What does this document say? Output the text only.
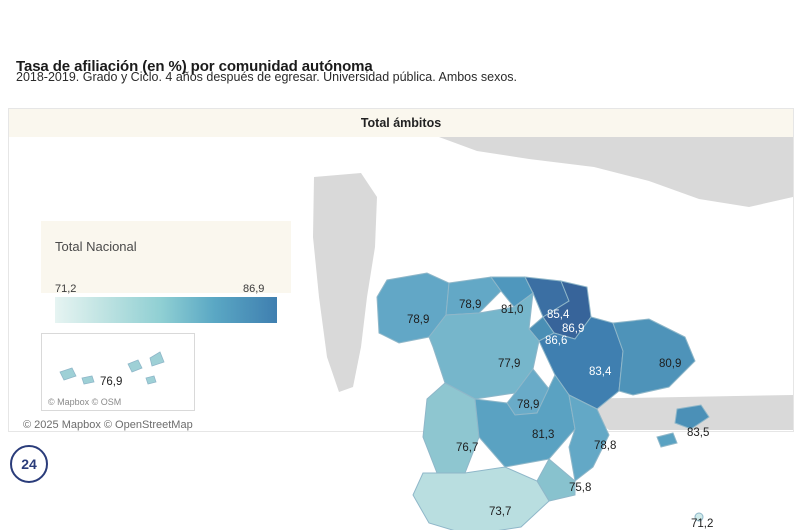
Tasa de afiliación (en %) por comunidad autónoma
2018-2019. Grado y Ciclo. 4 años después de egresar. Universidad pública. Ambos sexos.
Total ámbitos
Total Nacional
71,2	86,9
76,9
© Mapbox © OSM
© 2025 Mapbox © OpenStreetMap
78,9
78,9 81,0 85,4
86,9
86,6
80,9
77,9
83,4
78,9
76,7
81,3
78,8
83,5
75,8
73,7
71,2
24
